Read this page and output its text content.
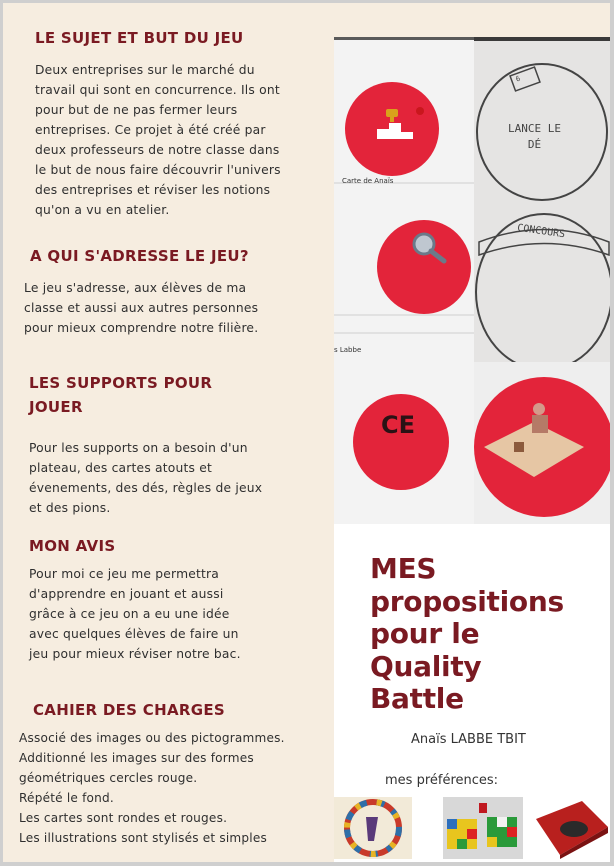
LE SUJET ET BUT DU JEU
Deux entreprises sur le marché du
travail qui sont en concurrence. Ils ont
pour but de ne pas fermer leurs
entreprises. Ce projet à été créé par
deux professeurs de notre classe dans
le but de nous faire découvrir l'univers
des entreprises et réviser les notions
qu'on a vu en atelier.
A QUI S'ADRESSE LE JEU?
Le jeu s'adresse, aux élèves de ma
classe et aussi aux autres personnes
pour mieux comprendre notre filière.
LES SUPPORTS POUR
JOUER
Pour les supports on a besoin d'un
plateau, des cartes atouts et
évenements, des dés, règles de jeux
et des pions.
MON AVIS
Pour moi ce jeu me permettra
d'apprendre en jouant et aussi
grâce à ce jeu on a eu une idée
avec quelques élèves de faire un
jeu pour mieux réviser notre bac.
CAHIER DES CHARGES
Associé des images ou des pictogrammes.
Additionné les images sur des formes
géométriques cercles rouge.
Répété le fond.
Les cartes sont rondes et rouges.
Les illustrations sont stylisés et simples
Carte de Anaïs
s Labbe
CE
LANCE LE
DÉ
6
CONCOURS
MES
propositions
pour le
Quality
Battle
Anaïs LABBE TBIT
mes préférences:
